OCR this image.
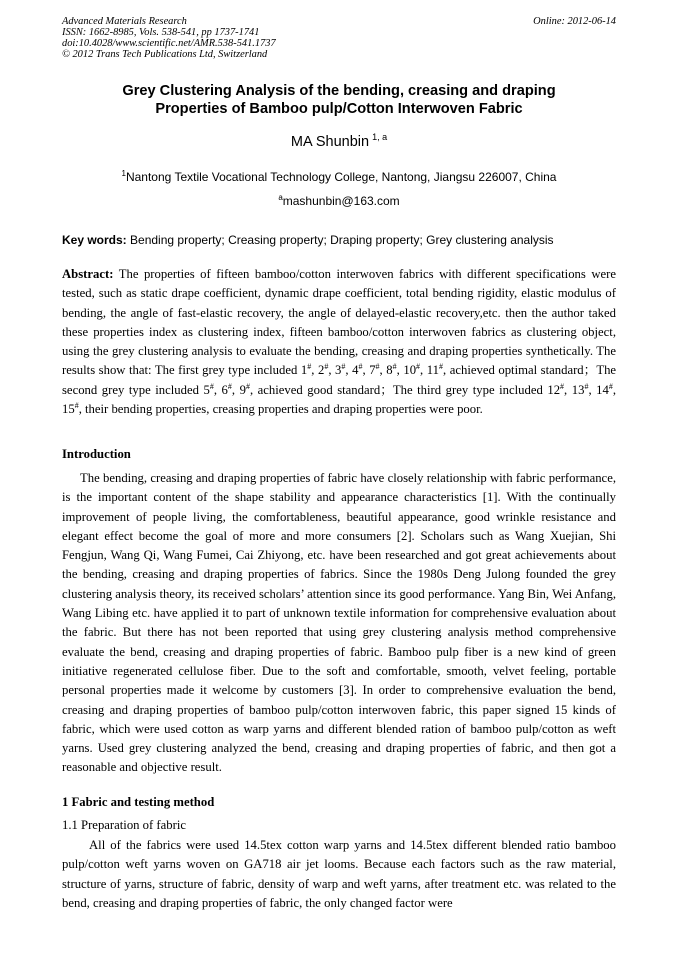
Advanced Materials Research
ISSN: 1662-8985, Vols. 538-541, pp 1737-1741
doi:10.4028/www.scientific.net/AMR.538-541.1737
© 2012 Trans Tech Publications Ltd, Switzerland
Online: 2012-06-14
Grey Clustering Analysis of the bending, creasing and draping
Properties of Bamboo pulp/Cotton Interwoven Fabric
MA Shunbin $^{1, a}$
$^1$Nantong Textile Vocational Technology College, Nantong, Jiangsu 226007, China
$^a$mashunbin@163.com
Key words: Bending property; Creasing property; Draping property; Grey clustering analysis
Abstract: The properties of fifteen bamboo/cotton interwoven fabrics with different specifications were tested, such as static drape coefficient, dynamic drape coefficient, total bending rigidity, elastic modulus of bending, the angle of fast-elastic recovery, the angle of delayed-elastic recovery,etc. then the author taked these properties index as clustering index, fifteen bamboo/cotton interwoven fabrics as clustering object, using the grey clustering analysis to evaluate the bending, creasing and draping properties synthetically. The results show that: The first grey type included 1#, 2#, 3#, 4#, 7#, 8#, 10#, 11#, achieved optimal standard；The second grey type included 5#, 6#, 9#, achieved good standard；The third grey type included 12#, 13#, 14#, 15#, their bending properties, creasing properties and draping properties were poor.
Introduction
The bending, creasing and draping properties of fabric have closely relationship with fabric performance, is the important content of the shape stability and appearance characteristics [1]. With the continually improvement of people living, the comfortableness, beautiful appearance, good wrinkle resistance and elegant effect become the goal of more and more consumers [2]. Scholars such as Wang Xuejian, Shi Fengjun, Wang Qi, Wang Fumei, Cai Zhiyong, etc. have been researched and got great achievements about the bending, creasing and draping properties of fabrics. Since the 1980s Deng Julong founded the grey clustering analysis theory, its received scholars’ attention since its good performance. Yang Bin, Wei Anfang, Wang Libing etc. have applied it to part of unknown textile information for comprehensive evaluation about the fabric. But there has not been reported that using grey clustering analysis method comprehensive evaluate the bend, creasing and draping properties of fabric. Bamboo pulp fiber is a new kind of green initiative regenerated cellulose fiber. Due to the soft and comfortable, smooth, velvet feeling, portable personal properties made it welcome by customers [3]. In order to comprehensive evaluation the bend, creasing and draping properties of bamboo pulp/cotton interwoven fabric, this paper signed 15 kinds of fabric, which were used cotton as warp yarns and different blended ration of bamboo pulp/cotton as weft yarns. Used grey clustering analyzed the bend, creasing and draping properties of fabric, and then got a reasonable and objective result.
1 Fabric and testing method
1.1 Preparation of fabric
All of the fabrics were used 14.5tex cotton warp yarns and 14.5tex different blended ratio bamboo pulp/cotton weft yarns woven on GA718 air jet looms. Because each factors such as the raw material, structure of yarns, structure of fabric, density of warp and weft yarns, after treatment etc. was related to the bend, creasing and draping properties of fabric, the only changed factor were
